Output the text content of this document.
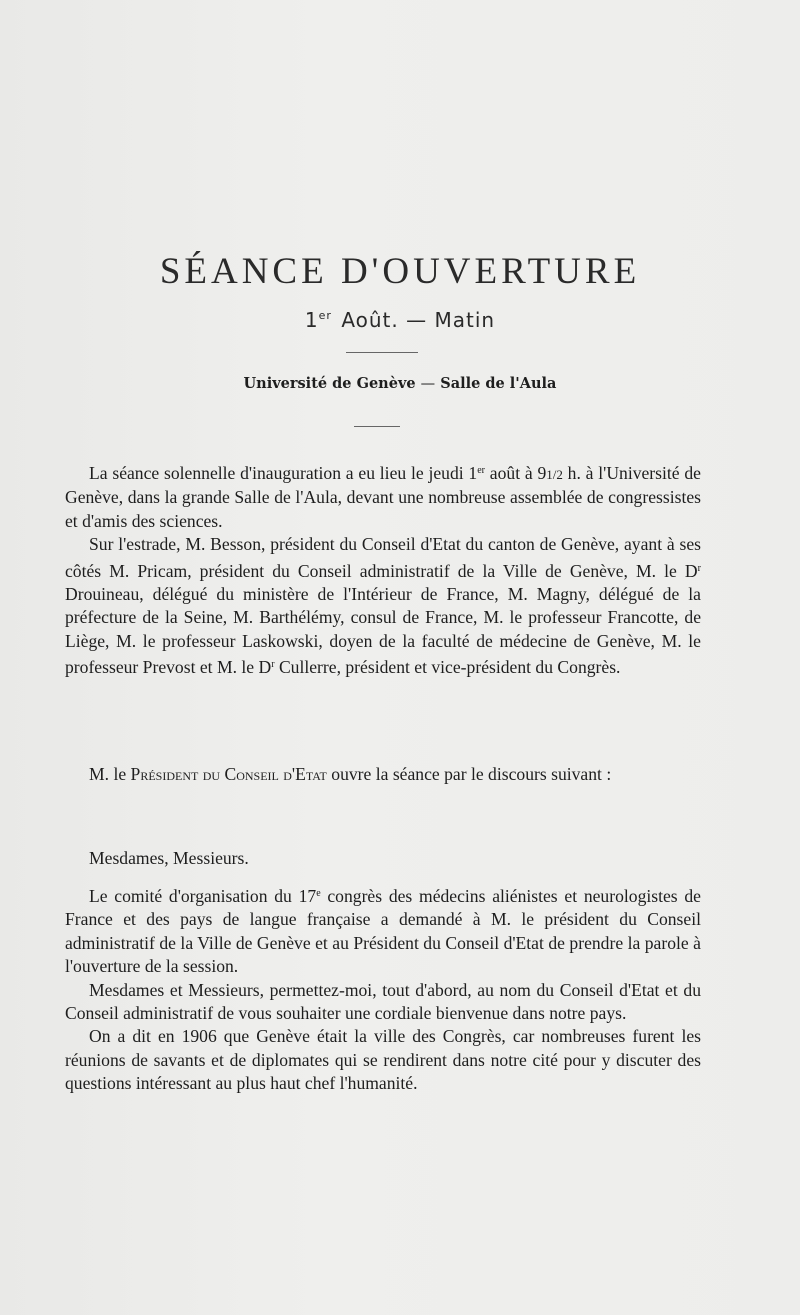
SÉANCE D'OUVERTURE
1er Août. — Matin
Université de Genève — Salle de l'Aula

La séance solennelle d'inauguration a eu lieu le jeudi 1er août à 91/2 h. à l'Université de Genève, dans la grande Salle de l'Aula, devant une nombreuse assemblée de congressistes et d'amis des sciences.

Sur l'estrade, M. Besson, président du Conseil d'Etat du canton de Genève, ayant à ses côtés M. Pricam, président du Conseil administratif de la Ville de Genève, M. le $D^r$ Drouineau, délégué du ministère de l'Intérieur de France, M. Magny, délégué de la préfecture de la Seine, M. Barthélémy, consul de France, M. le professeur Francotte, de Liège, M. le professeur Laskowski, doyen de la faculté de médecine de Genève, M. le professeur Prevost et M. le $D^r$ Cullerre, président et vice-président du Congrès.

M. le Président du Conseil d'Etat ouvre la séance par le discours suivant :

Mesdames, Messieurs.

Le comité d'organisation du 17e congrès des médecins aliénistes et neurologistes de France et des pays de langue française a demandé à M. le président du Conseil administratif de la Ville de Genève et au Président du Conseil d'Etat de prendre la parole à l'ouverture de la session.

Mesdames et Messieurs, permettez-moi, tout d'abord, au nom du Conseil d'Etat et du Conseil administratif de vous souhaiter une cordiale bienvenue dans notre pays.

On a dit en 1906 que Genève était la ville des Congrès, car nombreuses furent les réunions de savants et de diplomates qui se rendirent dans notre cité pour y discuter des questions intéressant au plus haut chef l'humanité.
